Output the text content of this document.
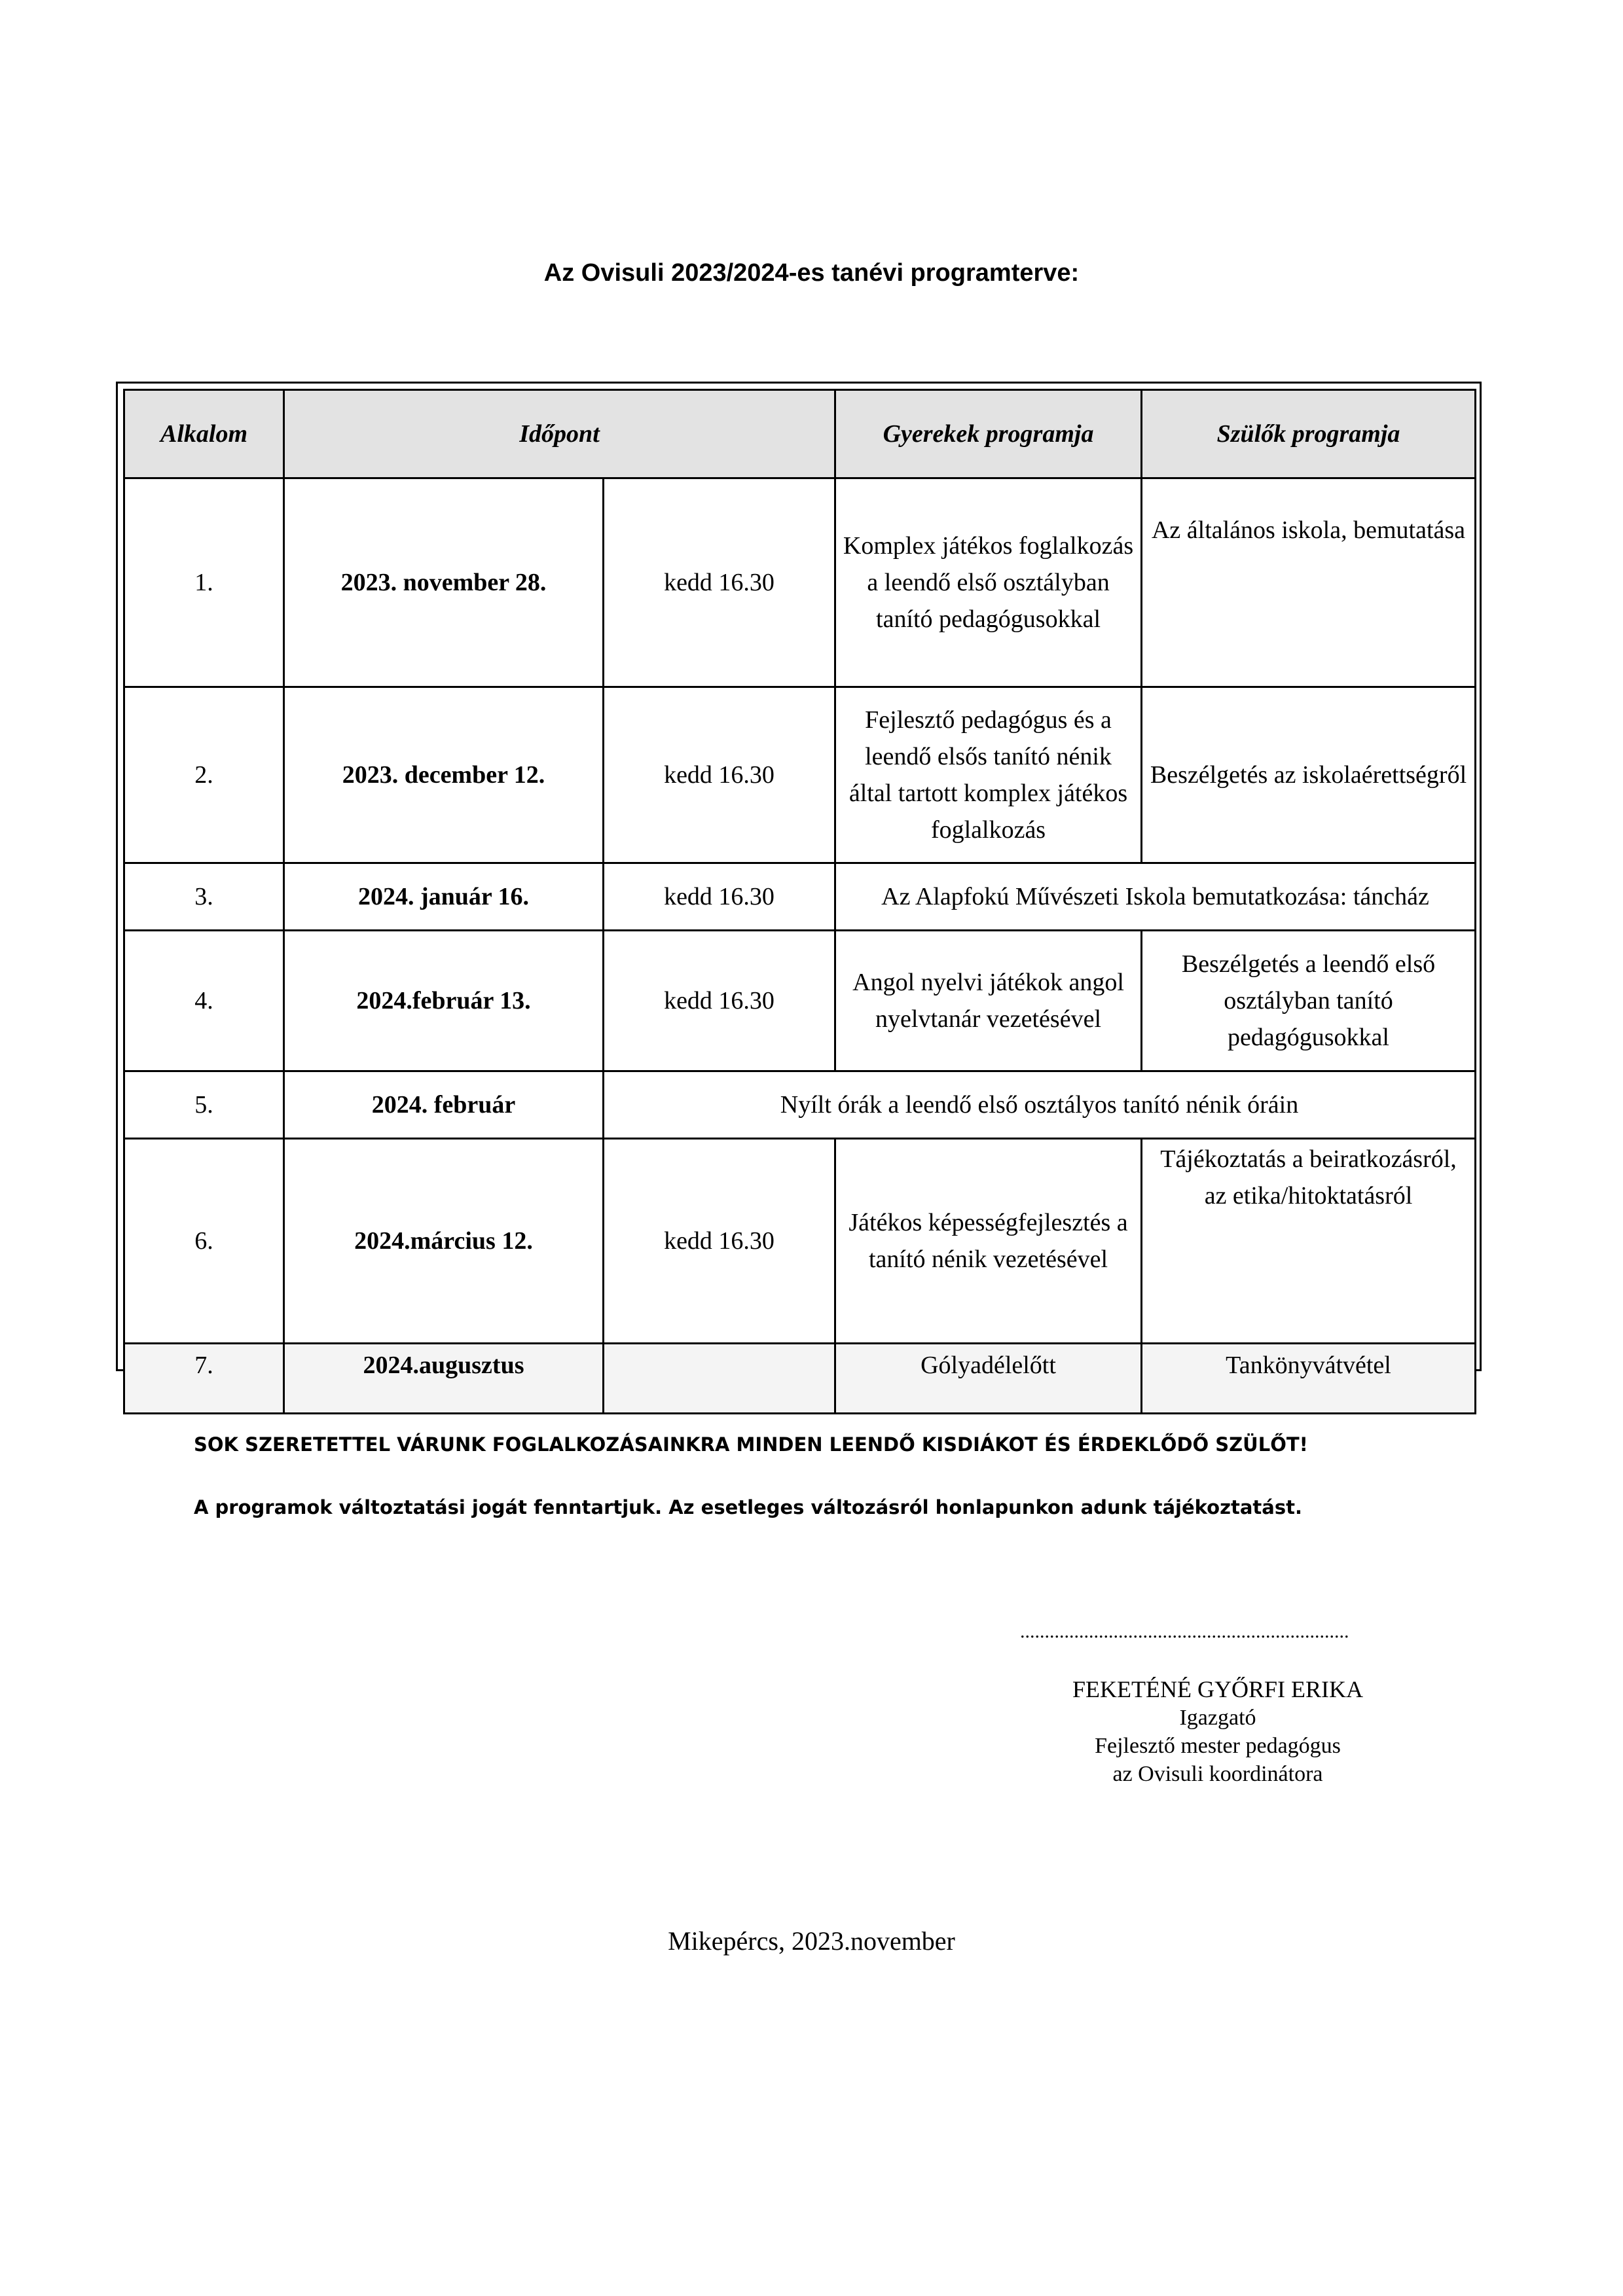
Az Ovisuli 2023/2024-es tanévi programterve:
Alkalom	Időpont		Gyerekek programja	Szülők programja
1.	2023. november 28.	kedd 16.30	Komplex játékos foglalkozás a leendő első osztályban tanító pedagógusokkal	Az általános iskola, bemutatása
2.	2023. december 12.	kedd 16.30	Fejlesztő pedagógus és a leendő elsős tanító nénik által tartott komplex játékos foglalkozás	Beszélgetés az iskolaérettségről
3.	2024. január 16.	kedd 16.30	Az Alapfokú Művészeti Iskola bemutatkozása: táncház	
4.	2024.február 13.	kedd 16.30	Angol nyelvi játékok angol nyelvtanár vezetésével	Beszélgetés a leendő első osztályban tanító pedagógusokkal
5.	2024. február	Nyílt órák a leendő első osztályos tanító nénik óráin		
6.	2024.március 12.	kedd 16.30	Játékos képességfejlesztés a tanító nénik vezetésével	Tájékoztatás a beiratkozásról, az etika/hitoktatásról
7.	2024.augusztus		Gólyadélelőtt	Tankönyvátvétel
SOK SZERETETTEL VÁRUNK FOGLALKOZÁSAINKRA MINDEN LEENDŐ KISDIÁKOT ÉS ÉRDEKLŐDŐ SZÜLŐT!
A programok változtatási jogát fenntartjuk. Az esetleges változásról honlapunkon adunk tájékoztatást.
...................................................................
FEKETÉNÉ GYŐRFI ERIKA
Igazgató
Fejlesztő mester pedagógus
az Ovisuli koordinátora
Mikepércs, 2023.november
